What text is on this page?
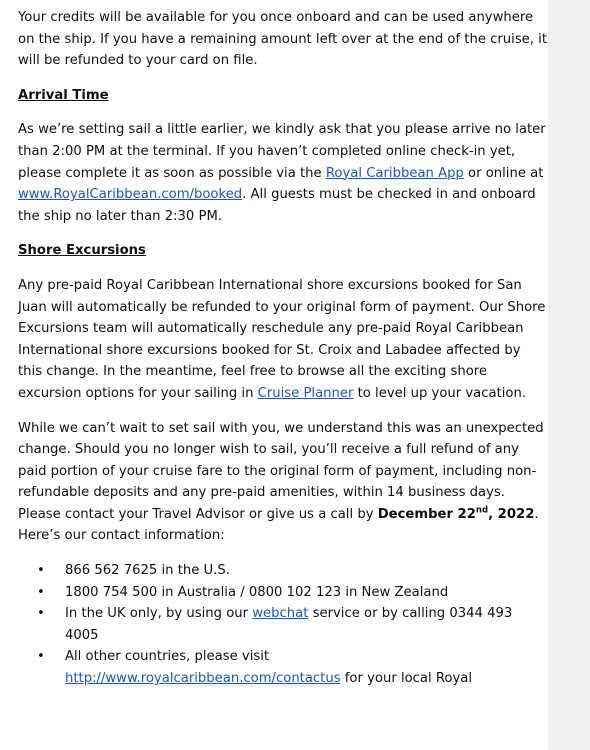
Your credits will be available for you once onboard and can be used anywhere on the ship. If you have a remaining amount left over at the end of the cruise, it will be refunded to your card on file.

Arrival Time

As we’re setting sail a little earlier, we kindly ask that you please arrive no later than 2:00 PM at the terminal. If you haven’t completed online check-in yet, please complete it as soon as possible via the Royal Caribbean App or online at www.RoyalCaribbean.com/booked. All guests must be checked in and onboard the ship no later than 2:30 PM.

Shore Excursions

Any pre-paid Royal Caribbean International shore excursions booked for San Juan will automatically be refunded to your original form of payment. Our Shore Excursions team will automatically reschedule any pre-paid Royal Caribbean International shore excursions booked for St. Croix and Labadee affected by this change. In the meantime, feel free to browse all the exciting shore excursion options for your sailing in Cruise Planner to level up your vacation.

While we can’t wait to set sail with you, we understand this was an unexpected change. Should you no longer wish to sail, you’ll receive a full refund of any paid portion of your cruise fare to the original form of payment, including non-refundable deposits and any pre-paid amenities, within 14 business days. Please contact your Travel Advisor or give us a call by December 22nd, 2022. Here’s our contact information:

• 866 562 7625 in the U.S.
• 1800 754 500 in Australia / 0800 102 123 in New Zealand
• In the UK only, by using our webchat service or by calling 0344 493 4005
• All other countries, please visit
http://www.royalcaribbean.com/contactus for your local Royal
